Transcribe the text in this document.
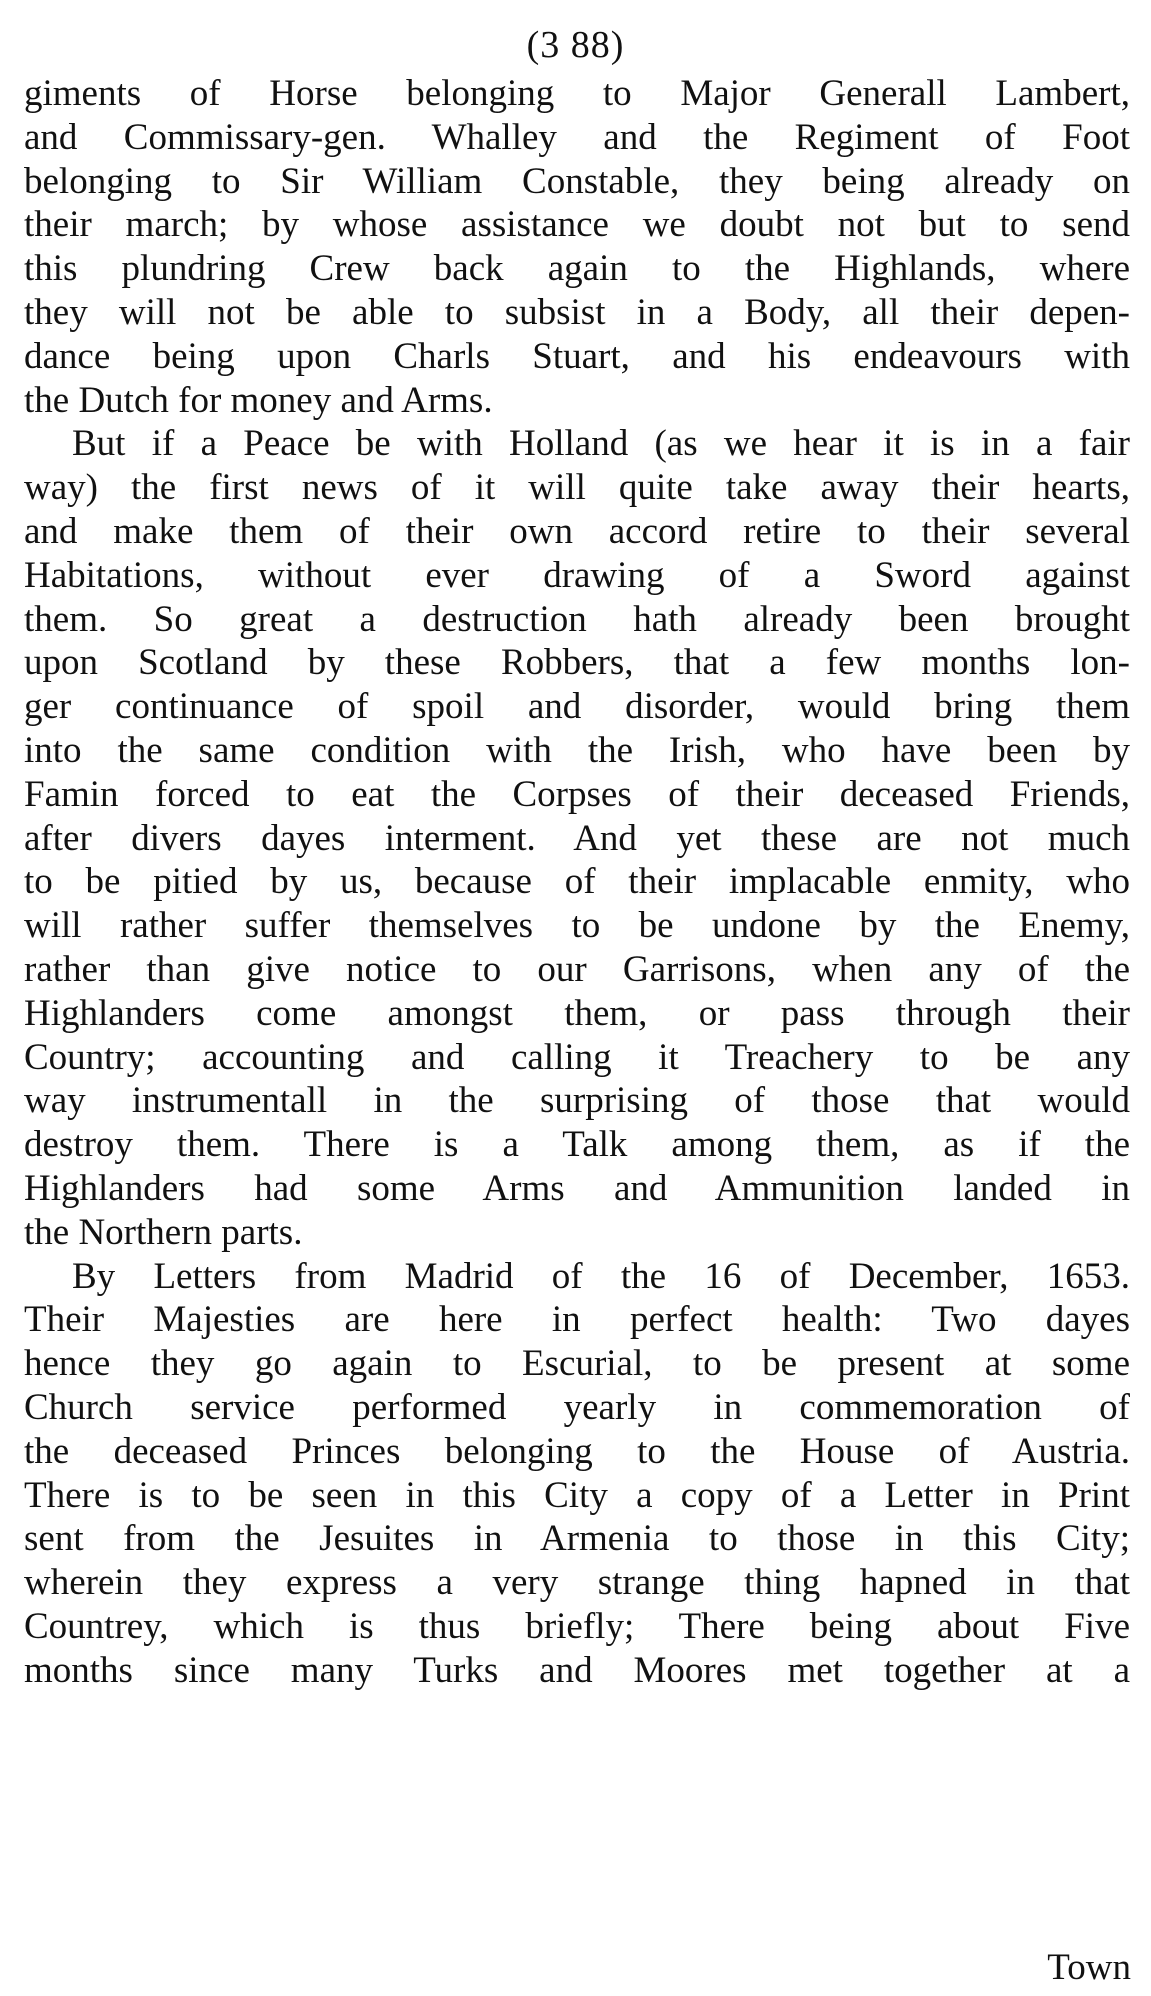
(3 88)
giments of Horse belonging to Major Generall Lambert,
and Commissary-gen. Whalley and the Regiment of Foot
belonging to Sir William Constable, they being already on
their march; by whose assistance we doubt not but to send
this plundring Crew back again to the Highlands, where
they will not be able to subsist in a Body, all their depen-
dance being upon Charls Stuart, and his endeavours with
the Dutch for money and Arms.
But if a Peace be with Holland (as we hear it is in a fair
way) the first news of it will quite take away their hearts,
and make them of their own accord retire to their several
Habitations, without ever drawing of a Sword against
them. So great a destruction hath already been brought
upon Scotland by these Robbers, that a few months lon-
ger continuance of spoil and disorder, would bring them
into the same condition with the Irish, who have been by
Famin forced to eat the Corpses of their deceased Friends,
after divers dayes interment. And yet these are not much
to be pitied by us, because of their implacable enmity, who
will rather suffer themselves to be undone by the Enemy,
rather than give notice to our Garrisons, when any of the
Highlanders come amongst them, or pass through their
Country; accounting and calling it Treachery to be any
way instrumentall in the surprising of those that would
destroy them. There is a Talk among them, as if the
Highlanders had some Arms and Ammunition landed in
the Northern parts.
By Letters from Madrid of the 16 of December, 1653.
Their Majesties are here in perfect health: Two dayes
hence they go again to Escurial, to be present at some
Church service performed yearly in commemoration of
the deceased Princes belonging to the House of Austria.
There is to be seen in this City a copy of a Letter in Print
sent from the Jesuites in Armenia to those in this City;
wherein they express a very strange thing hapned in that
Countrey, which is thus briefly; There being about Five
months since many Turks and Moores met together at a
Town
